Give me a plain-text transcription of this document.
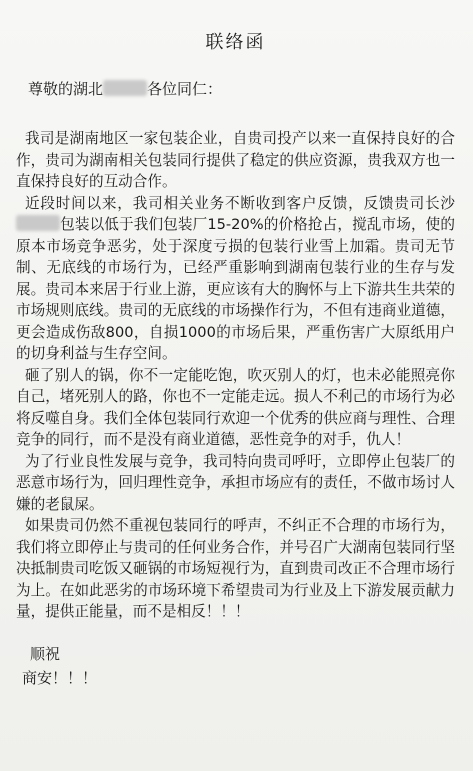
联络函
尊敬的湖北	各位同仁：

我司是湖南地区一家包装企业，自贵司投产以来一直保持良好的合作，贵司为湖南相关包装同行提供了稳定的供应资源，贵我双方也一直保持良好的互动合作。

近段时间以来，我司相关业务不断收到客户反馈，反馈贵司长沙包装以低于我们包装厂15-20%的价格抢占，搅乱市场，使的原本市场竞争恶劣，处于深度亏损的包装行业雪上加霜。贵司无节制、无底线的市场行为，已经严重影响到湖南包装行业的生存与发展。贵司本来居于行业上游，更应该有大的胸怀与上下游共生共荣的市场规则底线。贵司的无底线的市场操作行为，不但有违商业道德，更会造成伤敌800，自损1000的市场后果，严重伤害广大原纸用户的切身利益与生存空间。

砸了别人的锅，你不一定能吃饱，吹灭别人的灯，也未必能照亮你自己，堵死别人的路，你也不一定能走远。损人不利己的市场行为必将反噬自身。我们全体包装同行欢迎一个优秀的供应商与理性、合理竞争的同行，而不是没有商业道德，恶性竞争的对手，仇人！

为了行业良性发展与竞争，我司特向贵司呼吁，立即停止包装厂的恶意市场行为，回归理性竞争，承担市场应有的责任，不做市场讨人嫌的老鼠屎。

如果贵司仍然不重视包装同行的呼声，不纠正不合理的市场行为，我们将立即停止与贵司的任何业务合作，并号召广大湖南包装同行坚决抵制贵司吃饭又砸锅的市场短视行为，直到贵司改正不合理市场行为上。在如此恶劣的市场环境下希望贵司为行业及上下游发展贡献力量，提供正能量，而不是相反！！！

顺祝
商安！！！
